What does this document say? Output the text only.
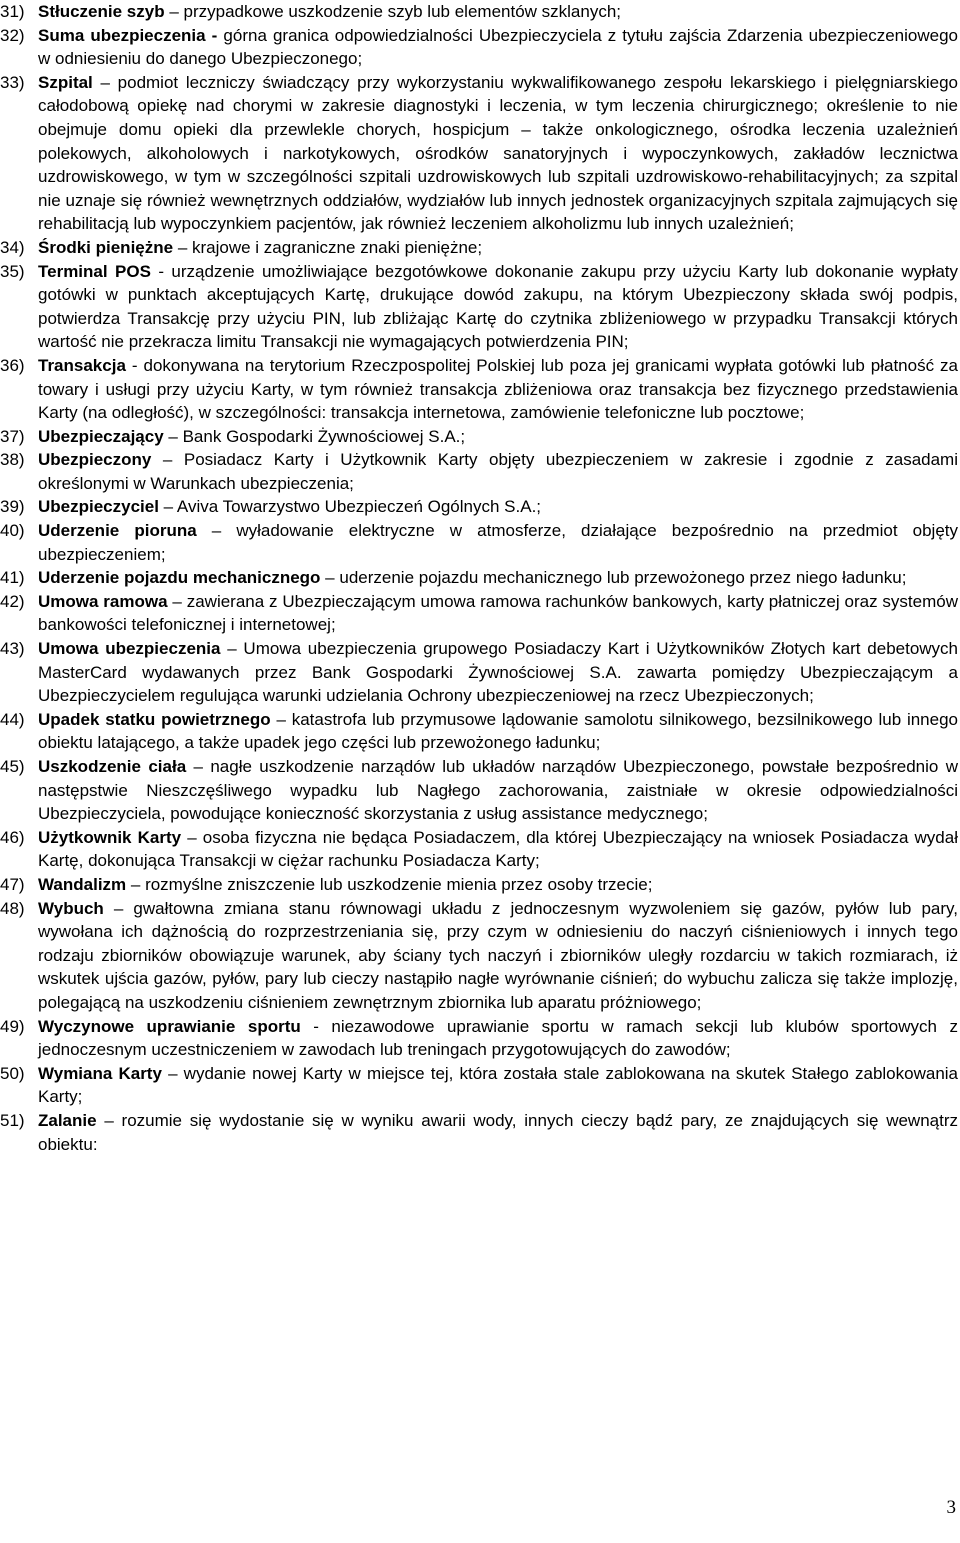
31) Stłuczenie szyb – przypadkowe uszkodzenie szyb lub elementów szklanych;
32) Suma ubezpieczenia - górna granica odpowiedzialności Ubezpieczyciela z tytułu zajścia Zdarzenia ubezpieczeniowego w odniesieniu do danego Ubezpieczonego;
33) Szpital – podmiot leczniczy świadczący przy wykorzystaniu wykwalifikowanego zespołu lekarskiego i pielęgniarskiego całodobową opiekę nad chorymi w zakresie diagnostyki i leczenia, w tym leczenia chirurgicznego; określenie to nie obejmuje domu opieki dla przewlekle chorych, hospicjum – także onkologicznego, ośrodka leczenia uzależnień polekowych, alkoholowych i narkotykowych, ośrodków sanatoryjnych i wypoczynkowych, zakładów lecznictwa uzdrowiskowego, w tym w szczególności szpitali uzdrowiskowych lub szpitali uzdrowiskowo-rehabilitacyjnych; za szpital nie uznaje się również wewnętrznych oddziałów, wydziałów lub innych jednostek organizacyjnych szpitala zajmujących się rehabilitacją lub wypoczynkiem pacjentów, jak również leczeniem alkoholizmu lub innych uzależnień;
34) Środki pieniężne – krajowe i zagraniczne znaki pieniężne;
35) Terminal POS - urządzenie umożliwiające bezgotówkowe dokonanie zakupu przy użyciu Karty lub dokonanie wypłaty gotówki w punktach akceptujących Kartę, drukujące dowód zakupu, na którym Ubezpieczony składa swój podpis, potwierdza Transakcję przy użyciu PIN, lub zbliżając Kartę do czytnika zbliżeniowego w przypadku Transakcji których wartość nie przekracza limitu Transakcji nie wymagających potwierdzenia PIN;
36) Transakcja - dokonywana na terytorium Rzeczpospolitej Polskiej lub poza jej granicami wypłata gotówki lub płatność za towary i usługi przy użyciu Karty, w tym również transakcja zbliżeniowa oraz transakcja bez fizycznego przedstawienia Karty (na odległość), w szczególności: transakcja internetowa, zamówienie telefoniczne lub pocztowe;
37) Ubezpieczający – Bank Gospodarki Żywnościowej S.A.;
38) Ubezpieczony – Posiadacz Karty i Użytkownik Karty objęty ubezpieczeniem w zakresie i zgodnie z zasadami określonymi w Warunkach ubezpieczenia;
39) Ubezpieczyciel – Aviva Towarzystwo Ubezpieczeń Ogólnych S.A.;
40) Uderzenie pioruna – wyładowanie elektryczne w atmosferze, działające bezpośrednio na przedmiot objęty ubezpieczeniem;
41) Uderzenie pojazdu mechanicznego – uderzenie pojazdu mechanicznego lub przewożonego przez niego ładunku;
42) Umowa ramowa – zawierana z Ubezpieczającym umowa ramowa rachunków bankowych, karty płatniczej oraz systemów bankowości telefonicznej i internetowej;
43) Umowa ubezpieczenia – Umowa ubezpieczenia grupowego Posiadaczy Kart i Użytkowników Złotych kart debetowych MasterCard wydawanych przez Bank Gospodarki Żywnościowej S.A. zawarta pomiędzy Ubezpieczającym a Ubezpieczycielem regulująca warunki udzielania Ochrony ubezpieczeniowej na rzecz Ubezpieczonych;
44) Upadek statku powietrznego – katastrofa lub przymusowe lądowanie samolotu silnikowego, bezsilnikowego lub innego obiektu latającego, a także upadek jego części lub przewożonego ładunku;
45) Uszkodzenie ciała – nagłe uszkodzenie narządów lub układów narządów Ubezpieczonego, powstałe bezpośrednio w następstwie Nieszczęśliwego wypadku lub Nagłego zachorowania, zaistniałe w okresie odpowiedzialności Ubezpieczyciela, powodujące konieczność skorzystania z usług assistance medycznego;
46) Użytkownik Karty – osoba fizyczna nie będąca Posiadaczem, dla której Ubezpieczający na wniosek Posiadacza wydał Kartę, dokonująca Transakcji w ciężar rachunku Posiadacza Karty;
47) Wandalizm – rozmyślne zniszczenie lub uszkodzenie mienia przez osoby trzecie;
48) Wybuch – gwałtowna zmiana stanu równowagi układu z jednoczesnym wyzwoleniem się gazów, pyłów lub pary, wywołana ich dążnością do rozprzestrzeniania się, przy czym w odniesieniu do naczyń ciśnieniowych i innych tego rodzaju zbiorników obowiązuje warunek, aby ściany tych naczyń i zbiorników uległy rozdarciu w takich rozmiarach, iż wskutek ujścia gazów, pyłów, pary lub cieczy nastąpiło nagłe wyrównanie ciśnień; do wybuchu zalicza się także implozję, polegającą na uszkodzeniu ciśnieniem zewnętrznym zbiornika lub aparatu próżniowego;
49) Wyczynowe uprawianie sportu - niezawodowe uprawianie sportu w ramach sekcji lub klubów sportowych z jednoczesnym uczestniczeniem w zawodach lub treningach przygotowujących do zawodów;
50) Wymiana Karty – wydanie nowej Karty w miejsce tej, która została stale zablokowana na skutek Stałego zablokowania Karty;
51) Zalanie – rozumie się wydostanie się w wyniku awarii wody, innych cieczy bądź pary, ze znajdujących się wewnątrz obiektu:
3
